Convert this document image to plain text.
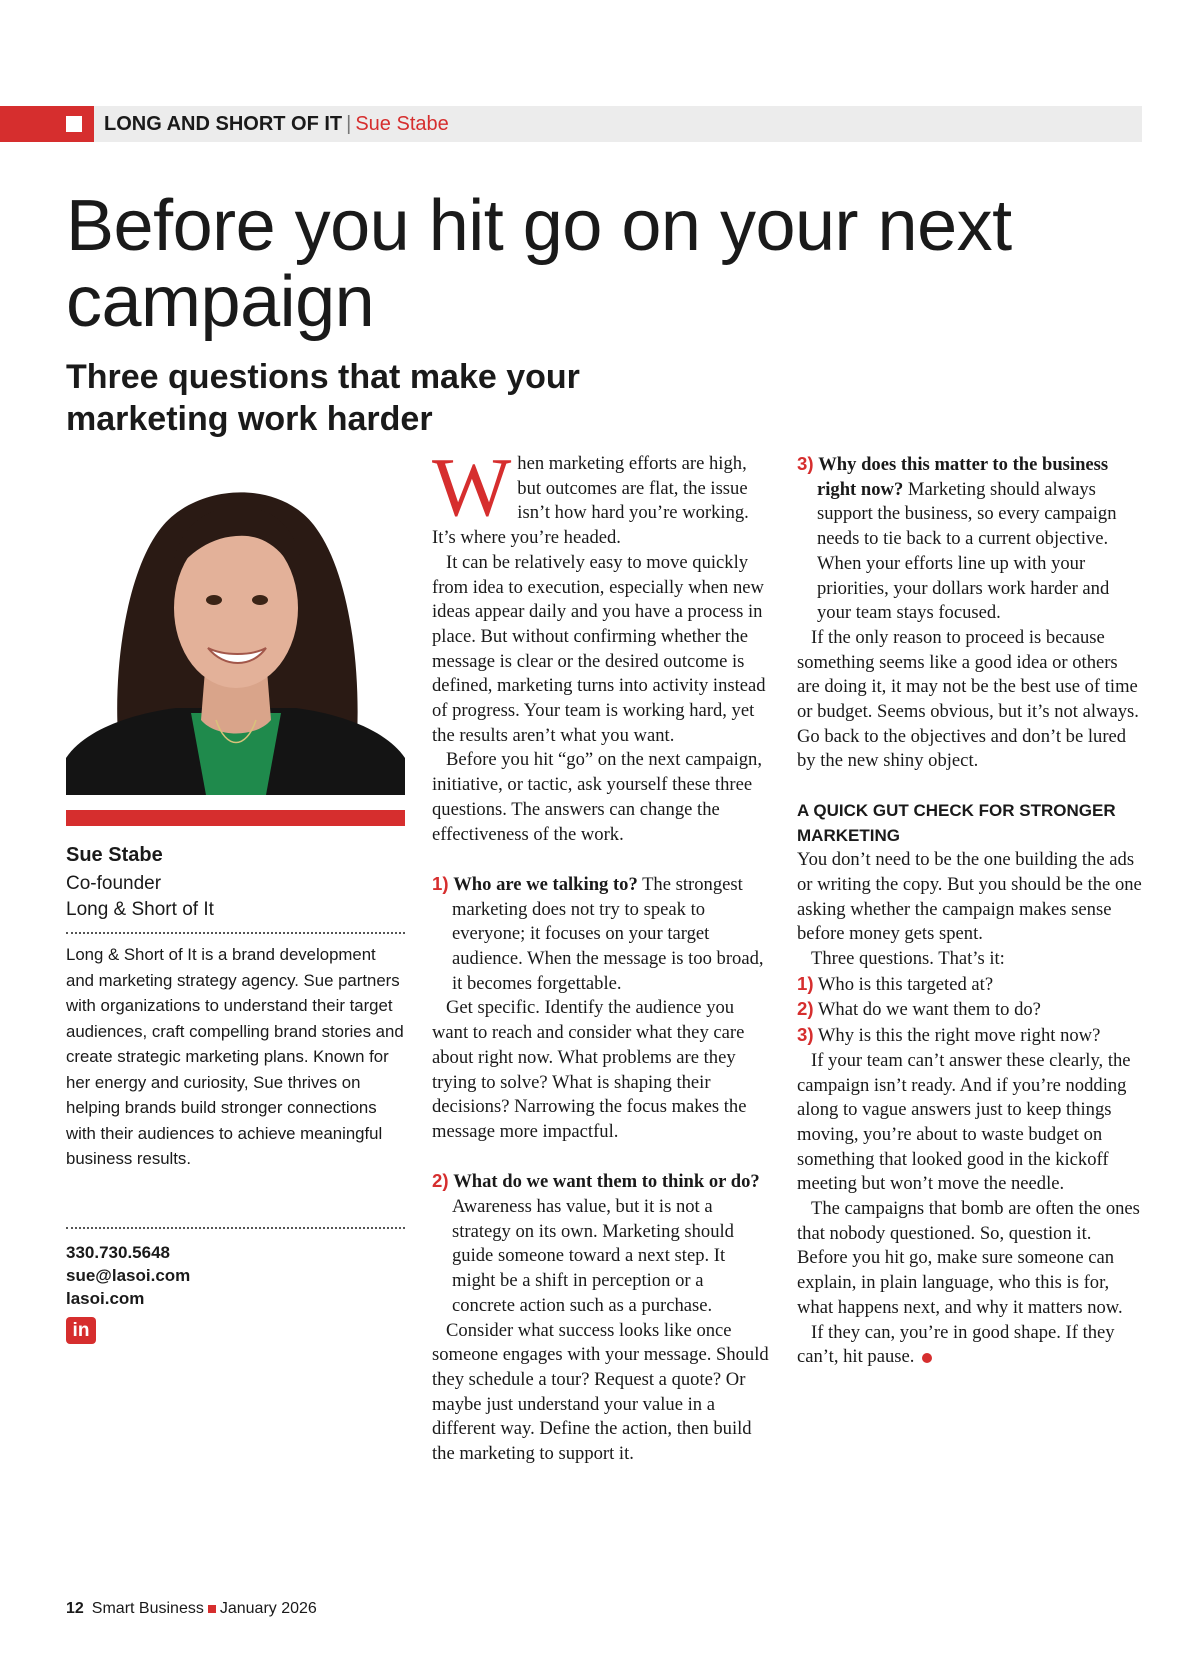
LONG AND SHORT OF IT | Sue Stabe
Before you hit go on your next campaign
Three questions that make your marketing work harder
Sue Stabe
Co-founder
Long & Short of It

Long & Short of It is a brand development and marketing strategy agency. Sue partners with organizations to understand their target audiences, craft compelling brand stories and create strategic marketing plans. Known for her energy and curiosity, Sue thrives on helping brands build stronger connections with their audiences to achieve meaningful business results.

330.730.5648
sue@lasoi.com
lasoi.com
in

When marketing efforts are high, but outcomes are flat, the issue isn’t how hard you’re working. It’s where you’re headed.

It can be relatively easy to move quickly from idea to execution, especially when new ideas appear daily and you have a process in place. But without confirming whether the message is clear or the desired outcome is defined, marketing turns into activity instead of progress. Your team is working hard, yet the results aren’t what you want.

Before you hit “go” on the next campaign, initiative, or tactic, ask yourself these three questions. The answers can change the effectiveness of the work.

1) Who are we talking to? The strongest marketing does not try to speak to everyone; it focuses on your target audience. When the message is too broad, it becomes forgettable.

Get specific. Identify the audience you want to reach and consider what they care about right now. What problems are they trying to solve? What is shaping their decisions? Narrowing the focus makes the message more impactful.

2) What do we want them to think or do? Awareness has value, but it is not a strategy on its own. Marketing should guide someone toward a next step. It might be a shift in perception or a concrete action such as a purchase.

Consider what success looks like once someone engages with your message. Should they schedule a tour? Request a quote? Or maybe just understand your value in a different way. Define the action, then build the marketing to support it.

3) Why does this matter to the business right now? Marketing should always support the business, so every campaign needs to tie back to a current objective. When your efforts line up with your priorities, your dollars work harder and your team stays focused.

If the only reason to proceed is because something seems like a good idea or others are doing it, it may not be the best use of time or budget. Seems obvious, but it’s not always. Go back to the objectives and don’t be lured by the new shiny object.

A QUICK GUT CHECK FOR STRONGER MARKETING

You don’t need to be the one building the ads or writing the copy. But you should be the one asking whether the campaign makes sense before money gets spent.

Three questions. That’s it:

1) Who is this targeted at?

2) What do we want them to do?

3) Why is this the right move right now?

If your team can’t answer these clearly, the campaign isn’t ready. And if you’re nodding along to vague answers just to keep things moving, you’re about to waste budget on something that looked good in the kickoff meeting but won’t move the needle.

The campaigns that bomb are often the ones that nobody questioned. So, question it. Before you hit go, make sure someone can explain, in plain language, who this is for, what happens next, and why it matters now.

If they can, you’re in good shape. If they can’t, hit pause.

12 Smart Business January 2026
